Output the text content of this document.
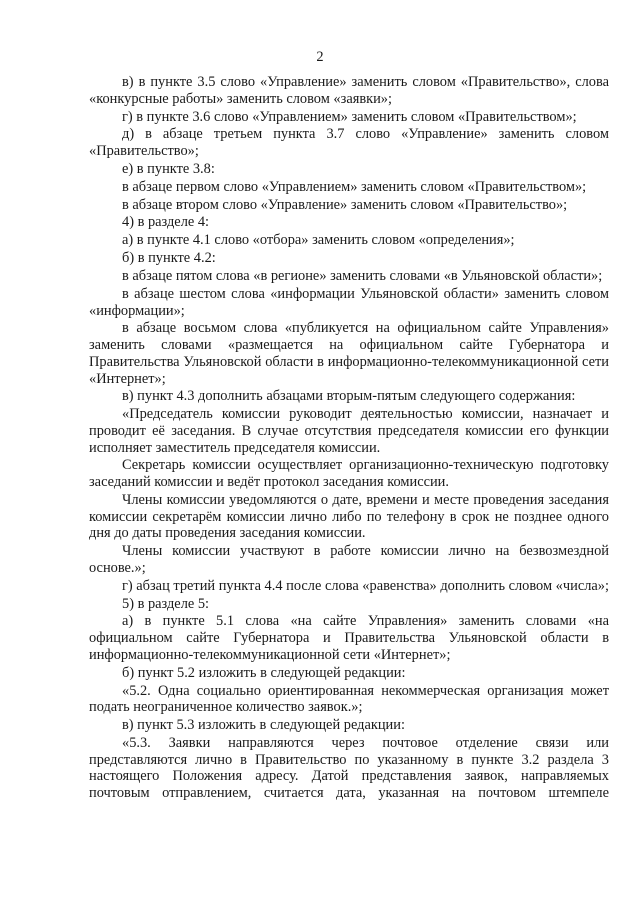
2

в) в пункте 3.5 слово «Управление» заменить словом «Правительство», слова «конкурсные работы» заменить словом «заявки»;

г) в пункте 3.6 слово «Управлением» заменить словом «Правительством»;

д) в абзаце третьем пункта 3.7 слово «Управление» заменить словом «Правительство»;

е) в пункте 3.8:

в абзаце первом слово «Управлением» заменить словом «Правительством»;

в абзаце втором слово «Управление» заменить словом «Правительство»;

4) в разделе 4:

а) в пункте 4.1 слово «отбора» заменить словом «определения»;

б) в пункте 4.2:

в абзаце пятом слова «в регионе» заменить словами «в Ульяновской области»;

в абзаце шестом слова «информации Ульяновской области» заменить словом «информации»;

в абзаце восьмом слова «публикуется на официальном сайте Управления» заменить словами «размещается на официальном сайте Губернатора и Правительства Ульяновской области в информационно-телекоммуникационной сети «Интернет»;

в) пункт 4.3 дополнить абзацами вторым-пятым следующего содержания:

«Председатель комиссии руководит деятельностью комиссии, назначает и проводит её заседания. В случае отсутствия председателя комиссии его функции исполняет заместитель председателя комиссии.

Секретарь комиссии осуществляет организационно-техническую подготовку заседаний комиссии и ведёт протокол заседания комиссии.

Члены комиссии уведомляются о дате, времени и месте проведения заседания комиссии секретарём комиссии лично либо по телефону в срок не позднее одного дня до даты проведения заседания комиссии.

Члены комиссии участвуют в работе комиссии лично на безвозмездной основе.»;

г) абзац третий пункта 4.4 после слова «равенства» дополнить словом «числа»;

5) в разделе 5:

а) в пункте 5.1 слова «на сайте Управления» заменить словами «на официальном сайте Губернатора и Правительства Ульяновской области в информационно-телекоммуникационной сети «Интернет»;

б) пункт 5.2 изложить в следующей редакции:

«5.2. Одна социально ориентированная некоммерческая организация может подать неограниченное количество заявок.»;

в) пункт 5.3 изложить в следующей редакции:

«5.3. Заявки направляются через почтовое отделение связи или представляются лично в Правительство по указанному в пункте 3.2 раздела 3 настоящего Положения адресу. Датой представления заявок, направляемых почтовым отправлением, считается дата, указанная на почтовом штемпеле
